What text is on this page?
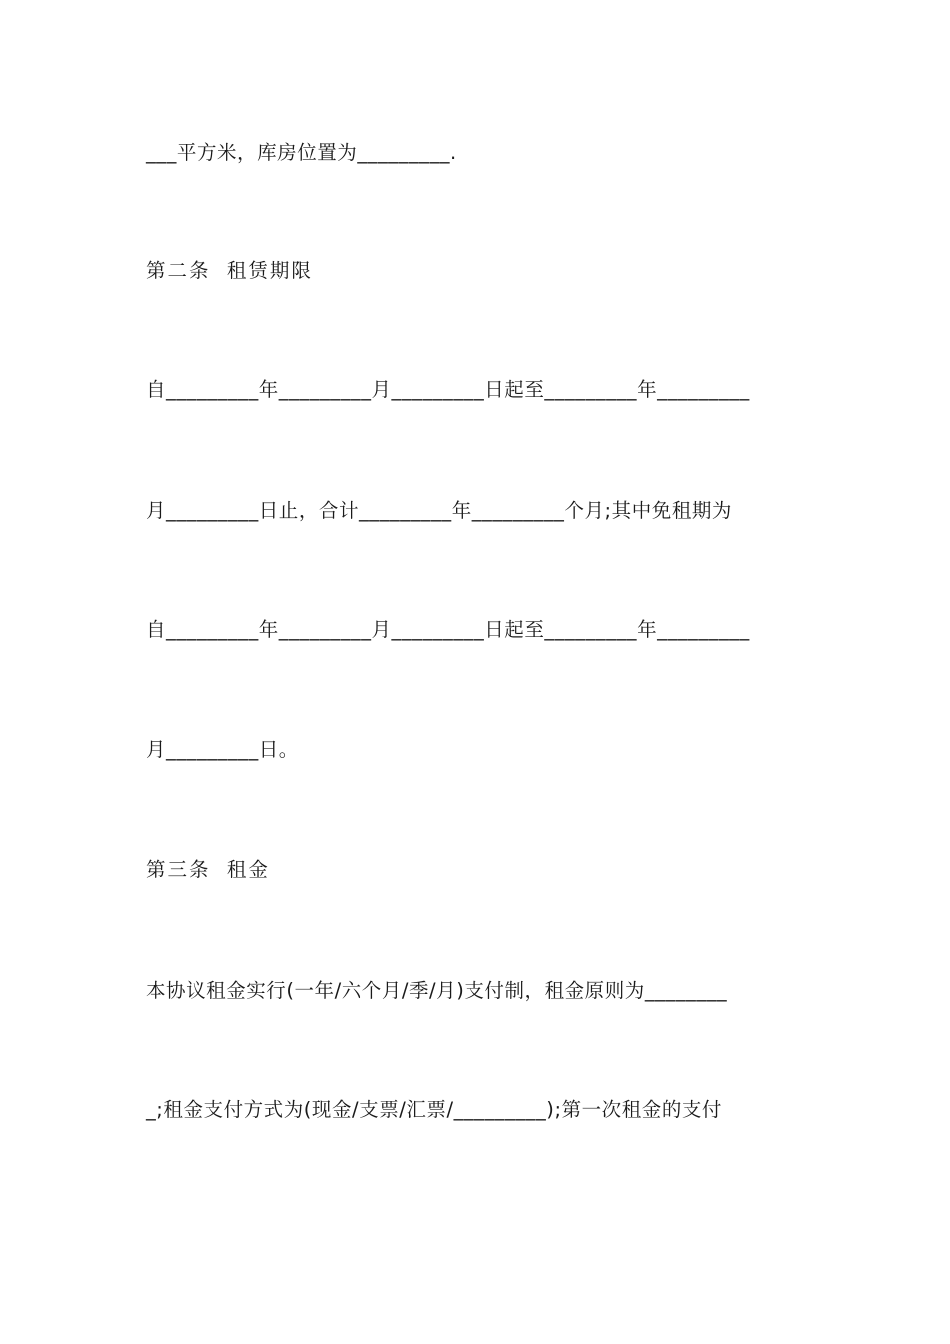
___平方米，库房位置为_________.
第二条  租赁期限
自_________年_________月_________日起至_________年_________
月_________日止，合计_________年_________个月;其中免租期为
自_________年_________月_________日起至_________年_________
月_________日。
第三条  租金
本协议租金实行(一年/六个月/季/月)支付制，租金原则为________
_;租金支付方式为(现金/支票/汇票/_________);第一次租金的支付
